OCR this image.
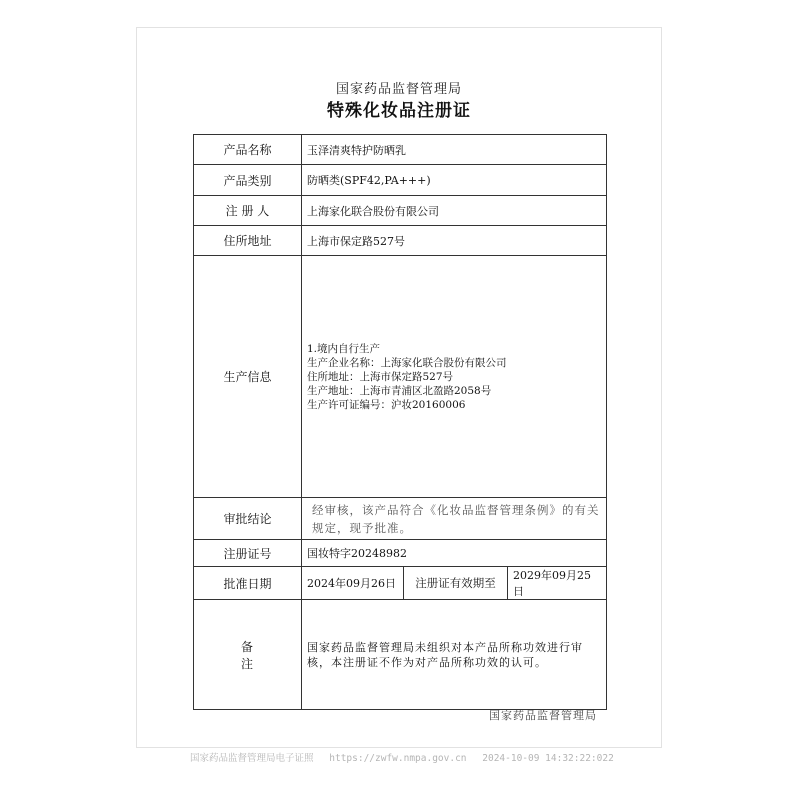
国家药品监督管理局
特殊化妆品注册证
产品名称	玉泽清爽特护防晒乳		
产品类别	防晒类(SPF42,PA+++)		
注 册 人	上海家化联合股份有限公司		
住所地址	上海市保定路527号		
生产信息	1.境内自行生产
生产企业名称：上海家化联合股份有限公司
住所地址：上海市保定路527号
生产地址：上海市青浦区北盈路2058号
生产许可证编号：沪妆20160006		

审批结论	经审核，该产品符合《化妆品监督管理条例》的有关规定，现予批准。		

注册证号	国妆特字20248982		
批准日期	2024年09月26日	注册证有效期至	2029年09月25日
备 注	国家药品监督管理局未组织对本产品所称功效进行审核，本注册证不作为对产品所称功效的认可。		
国家药品监督管理局
国家药品监督管理局电子证照 https://zwfw.nmpa.gov.cn 2024-10-09 14:32:22:022
